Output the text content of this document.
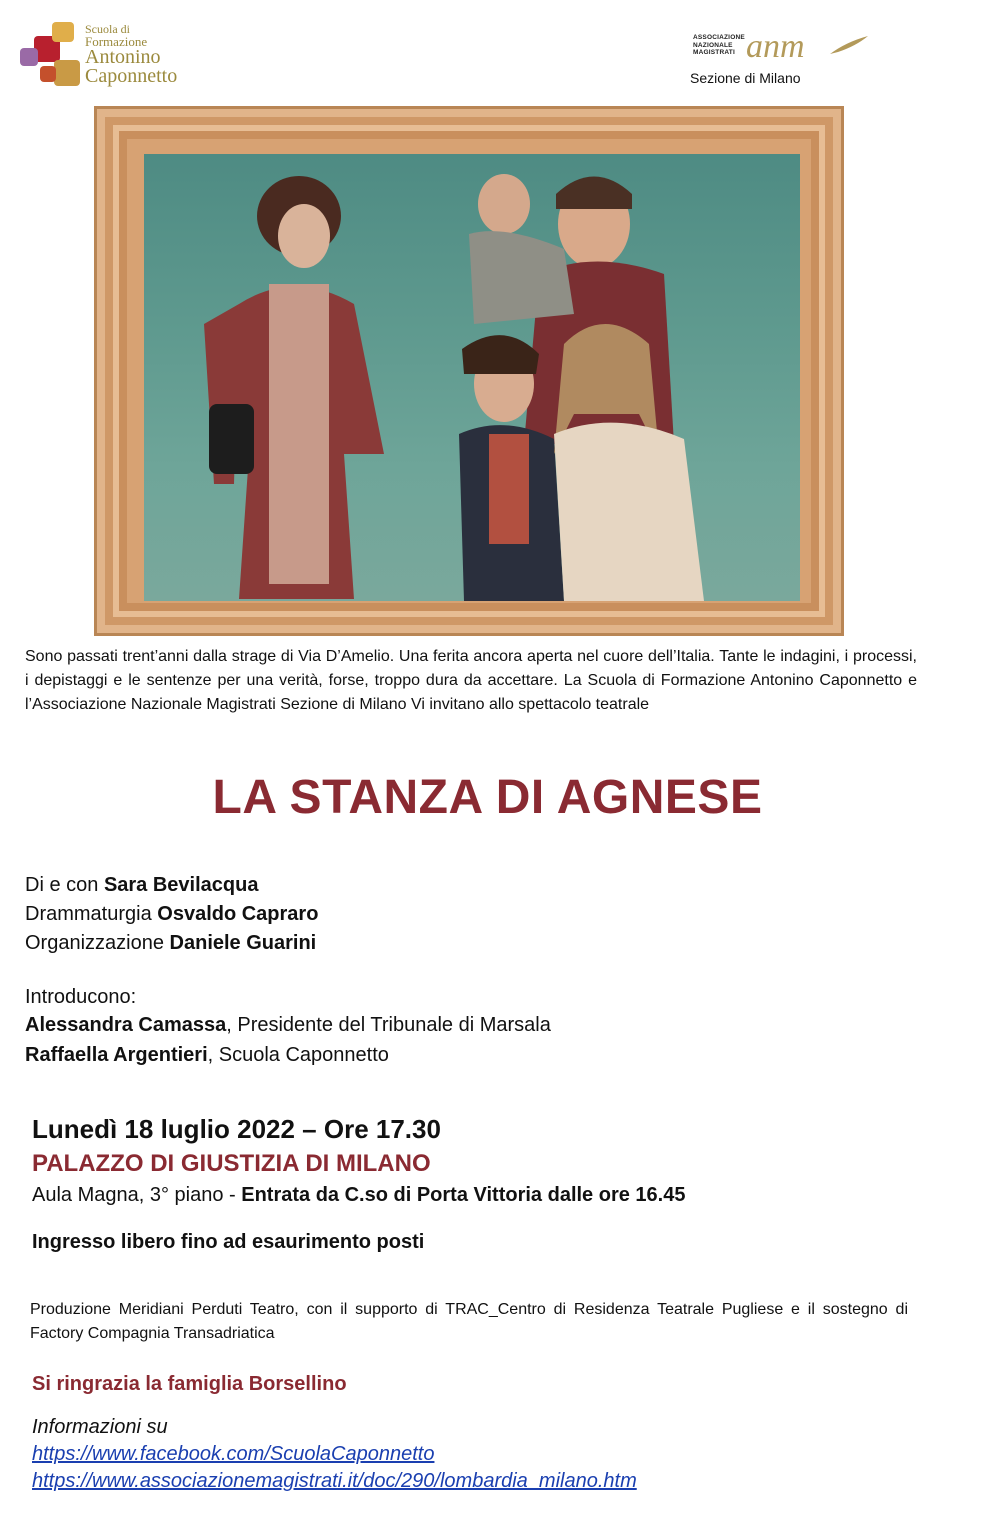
Scuola di
Formazione
Antonino
Caponnetto
ASSOCIAZIONE
NAZIONALE
MAGISTRATI anm
Sezione di Milano
Sono passati trent’anni dalla strage di Via D’Amelio. Una ferita ancora aperta nel cuore dell’Italia. Tante le indagini, i processi, i depistaggi e le sentenze per una verità, forse, troppo dura da accettare. La Scuola di Formazione Antonino Caponnetto e l’Associazione Nazionale Magistrati Sezione di Milano Vi invitano allo spettacolo teatrale
LA STANZA DI AGNESE
Di e con Sara Bevilacqua
Drammaturgia Osvaldo Capraro
Organizzazione Daniele Guarini
Introducono:
Alessandra Camassa, Presidente del Tribunale di Marsala
Raffaella Argentieri, Scuola Caponnetto
Lunedì 18 luglio 2022 – Ore 17.30
PALAZZO DI GIUSTIZIA DI MILANO
Aula Magna, 3° piano - Entrata da C.so di Porta Vittoria dalle ore 16.45
Ingresso libero fino ad esaurimento posti
Produzione Meridiani Perduti Teatro, con il supporto di TRAC_Centro di Residenza Teatrale Pugliese e il sostegno di Factory Compagnia Transadriatica
Si ringrazia la famiglia Borsellino
Informazioni su
https://www.facebook.com/ScuolaCaponnetto
https://www.associazionemagistrati.it/doc/290/lombardia_milano.htm
